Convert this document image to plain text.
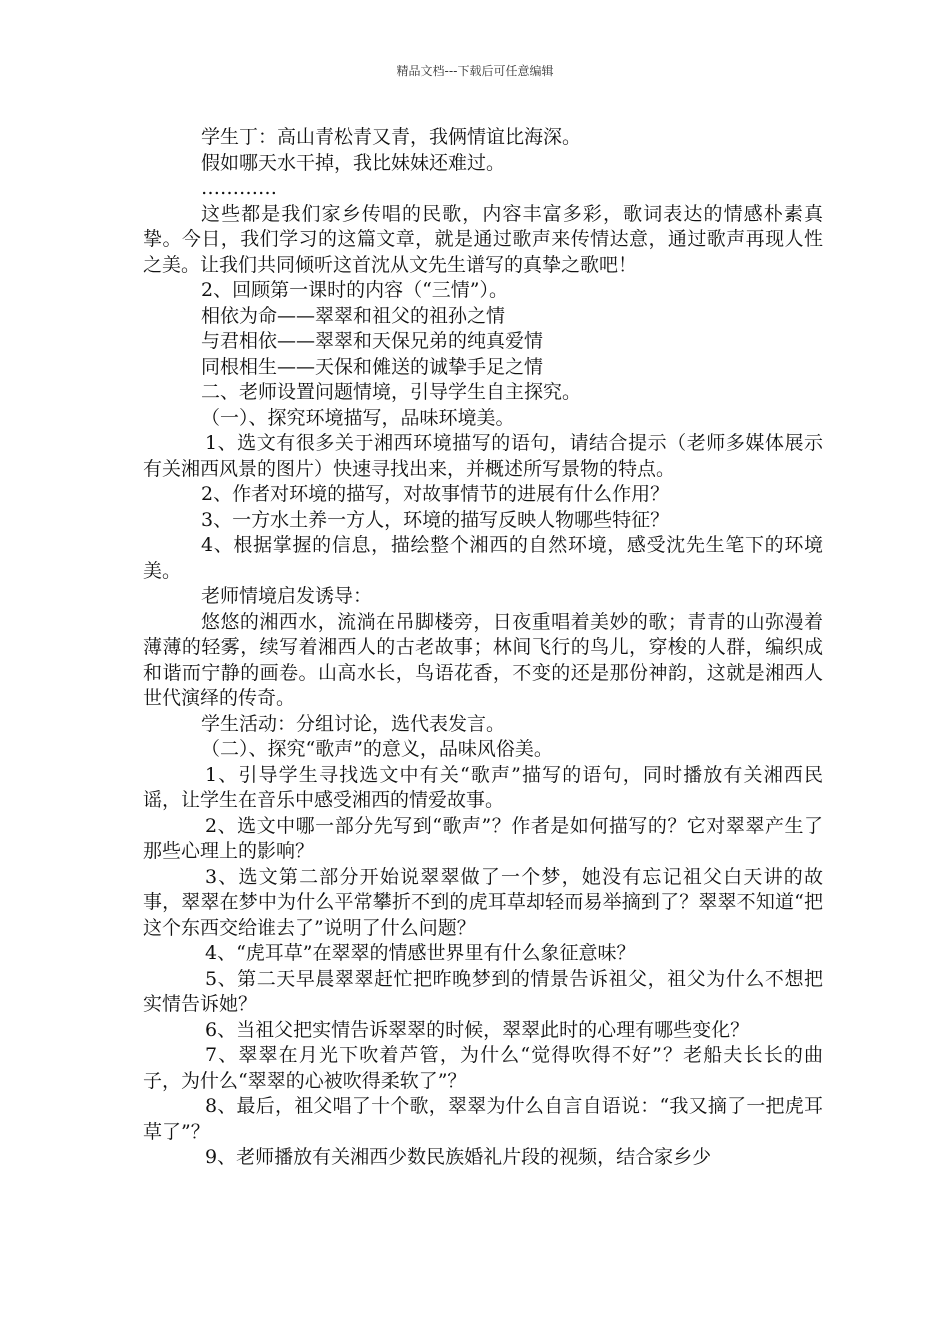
精品文档---下载后可任意编辑

学生丁：高山青松青又青，我俩情谊比海深。

假如哪天水干掉，我比妹妹还难过。

…………

这些都是我们家乡传唱的民歌，内容丰富多彩，歌词表达的情感朴素真挚。今日，我们学习的这篇文章，就是通过歌声来传情达意，通过歌声再现人性之美。让我们共同倾听这首沈从文先生谱写的真挚之歌吧！

2、回顾第一课时的内容（“三情”）。

相依为命——翠翠和祖父的祖孙之情

与君相依——翠翠和天保兄弟的纯真爱情

同根相生——天保和傩送的诚挚手足之情

二、老师设置问题情境，引导学生自主探究。

（一）、探究环境描写，品味环境美。

1、选文有很多关于湘西环境描写的语句，请结合提示（老师多媒体展示有关湘西风景的图片）快速寻找出来，并概述所写景物的特点。

2、作者对环境的描写，对故事情节的进展有什么作用？

3、一方水土养一方人，环境的描写反映人物哪些特征？

4、根据掌握的信息，描绘整个湘西的自然环境，感受沈先生笔下的环境美。

老师情境启发诱导：

悠悠的湘西水，流淌在吊脚楼旁，日夜重唱着美妙的歌；青青的山弥漫着薄薄的轻雾，续写着湘西人的古老故事；林间飞行的鸟儿，穿梭的人群，编织成和谐而宁静的画卷。山高水长，鸟语花香，不变的还是那份神韵，这就是湘西人世代演绎的传奇。

学生活动：分组讨论，选代表发言。

（二）、探究“歌声”的意义，品味风俗美。

1、引导学生寻找选文中有关“歌声”描写的语句，同时播放有关湘西民谣，让学生在音乐中感受湘西的情爱故事。

2、选文中哪一部分先写到“歌声”？作者是如何描写的？它对翠翠产生了那些心理上的影响？

3、选文第二部分开始说翠翠做了一个梦，她没有忘记祖父白天讲的故事，翠翠在梦中为什么平常攀折不到的虎耳草却轻而易举摘到了？翠翠不知道“把这个东西交给谁去了”说明了什么问题？

4、“虎耳草”在翠翠的情感世界里有什么象征意味？

5、第二天早晨翠翠赶忙把昨晚梦到的情景告诉祖父，祖父为什么不想把实情告诉她？

6、当祖父把实情告诉翠翠的时候，翠翠此时的心理有哪些变化？

7、翠翠在月光下吹着芦管，为什么“觉得吹得不好”？老船夫长长的曲子，为什么“翠翠的心被吹得柔软了”？

8、最后，祖父唱了十个歌，翠翠为什么自言自语说：“我又摘了一把虎耳草了”？

9、老师播放有关湘西少数民族婚礼片段的视频，结合家乡少
